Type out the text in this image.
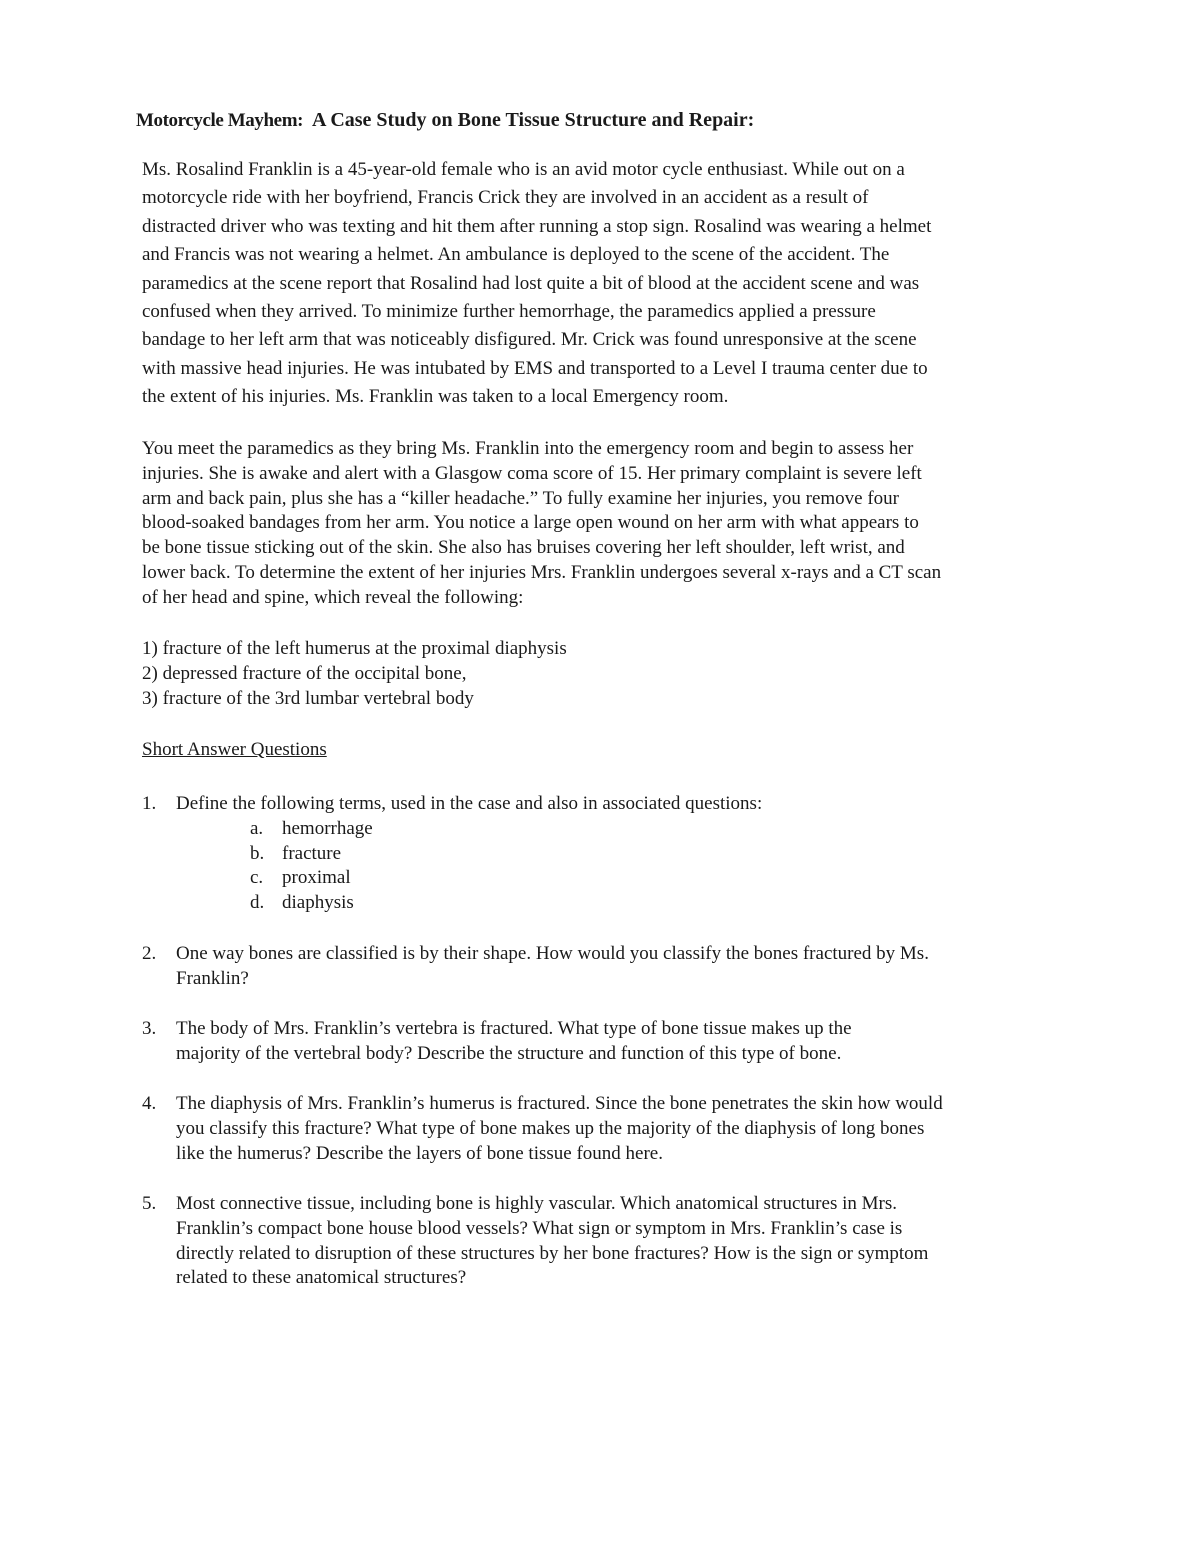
Motorcycle Mayhem: A Case Study on Bone Tissue Structure and Repair:

Ms. Rosalind Franklin is a 45-year-old female who is an avid motor cycle enthusiast. While out on a
motorcycle ride with her boyfriend, Francis Crick they are involved in an accident as a result of
distracted driver who was texting and hit them after running a stop sign. Rosalind was wearing a helmet
and Francis was not wearing a helmet. An ambulance is deployed to the scene of the accident. The
paramedics at the scene report that Rosalind had lost quite a bit of blood at the accident scene and was
confused when they arrived. To minimize further hemorrhage, the paramedics applied a pressure
bandage to her left arm that was noticeably disfigured. Mr. Crick was found unresponsive at the scene
with massive head injuries. He was intubated by EMS and transported to a Level I trauma center due to
the extent of his injuries. Ms. Franklin was taken to a local Emergency room.

You meet the paramedics as they bring Ms. Franklin into the emergency room and begin to assess her
injuries. She is awake and alert with a Glasgow coma score of 15. Her primary complaint is severe left
arm and back pain, plus she has a “killer headache.” To fully examine her injuries, you remove four
blood-soaked bandages from her arm. You notice a large open wound on her arm with what appears to
be bone tissue sticking out of the skin. She also has bruises covering her left shoulder, left wrist, and
lower back. To determine the extent of her injuries Mrs. Franklin undergoes several x-rays and a CT scan
of her head and spine, which reveal the following:

1) fracture of the left humerus at the proximal diaphysis
2) depressed fracture of the occipital bone,
3) fracture of the 3rd lumbar vertebral body
Short Answer Questions
1. Define the following terms, used in the case and also in associated questions:
a. hemorrhage
b. fracture
c. proximal
d. diaphysis
2. One way bones are classified is by their shape. How would you classify the bones fractured by Ms.
Franklin?
3. The body of Mrs. Franklin’s vertebra is fractured. What type of bone tissue makes up the
majority of the vertebral body? Describe the structure and function of this type of bone.
4. The diaphysis of Mrs. Franklin’s humerus is fractured. Since the bone penetrates the skin how would
you classify this fracture? What type of bone makes up the majority of the diaphysis of long bones
like the humerus? Describe the layers of bone tissue found here.
5. Most connective tissue, including bone is highly vascular. Which anatomical structures in Mrs.
Franklin’s compact bone house blood vessels? What sign or symptom in Mrs. Franklin’s case is
directly related to disruption of these structures by her bone fractures? How is the sign or symptom
related to these anatomical structures?
